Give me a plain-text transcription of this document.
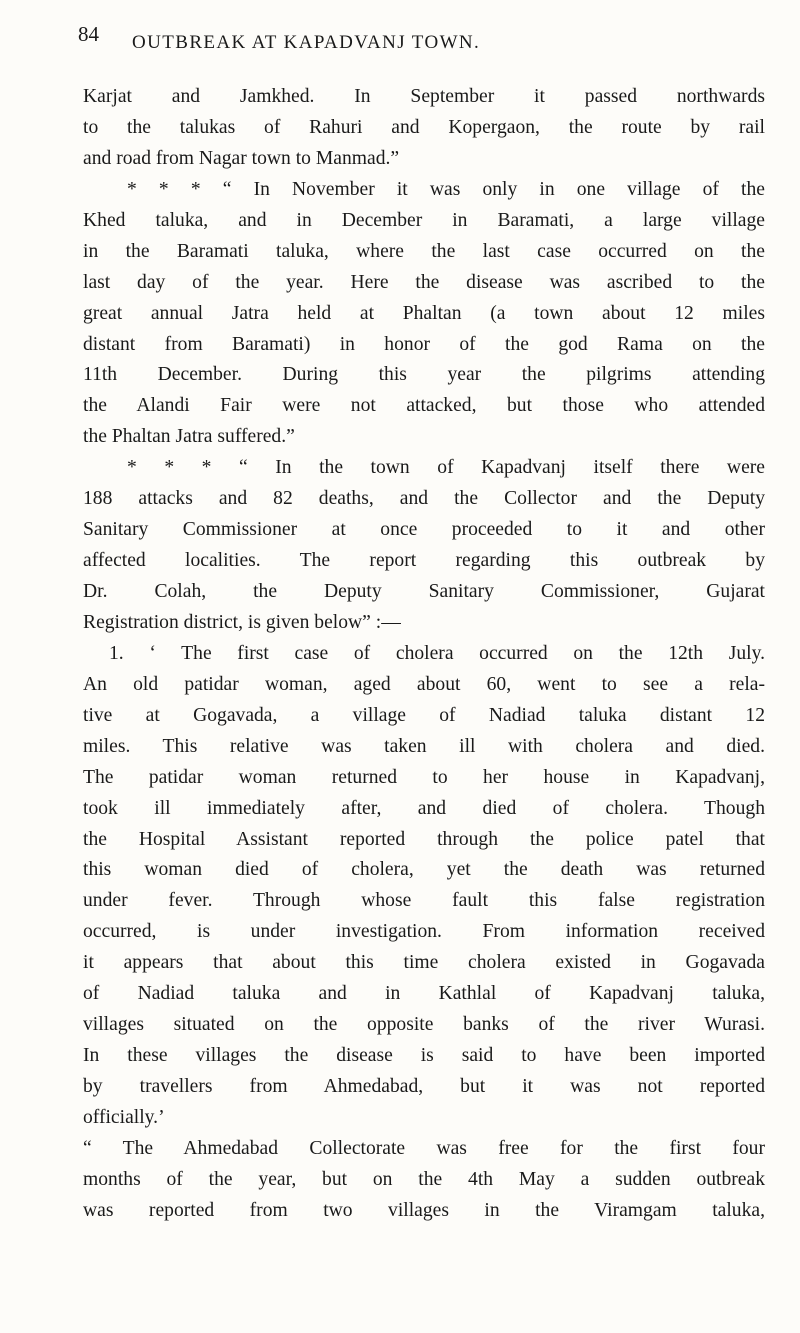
84 OUTBREAK AT KAPADVANJ TOWN.
Karjat and Jamkhed. In September it passed northwards
to the talukas of Rahuri and Kopergaon, the route by rail
and road from Nagar town to Manmad.”
* * * “ In November it was only in one village of the
Khed taluka, and in December in Baramati, a large village
in the Baramati taluka, where the last case occurred on the
last day of the year. Here the disease was ascribed to the
great annual Jatra held at Phaltan (a town about 12 miles
distant from Baramati) in honor of the god Rama on the
11th December. During this year the pilgrims attending
the Alandi Fair were not attacked, but those who attended
the Phaltan Jatra suffered.”
* * * “ In the town of Kapadvanj itself there were
188 attacks and 82 deaths, and the Collector and the Deputy
Sanitary Commissioner at once proceeded to it and other
affected localities. The report regarding this outbreak by
Dr. Colah, the Deputy Sanitary Commissioner, Gujarat
Registration district, is given below” :—
1. ‘ The first case of cholera occurred on the 12th July.
An old patidar woman, aged about 60, went to see a rela-
tive at Gogavada, a village of Nadiad taluka distant 12
miles. This relative was taken ill with cholera and died.
The patidar woman returned to her house in Kapadvanj,
took ill immediately after, and died of cholera. Though
the Hospital Assistant reported through the police patel that
this woman died of cholera, yet the death was returned
under fever. Through whose fault this false registration
occurred, is under investigation. From information received
it appears that about this time cholera existed in Gogavada
of Nadiad taluka and in Kathlal of Kapadvanj taluka,
villages situated on the opposite banks of the river Wurasi.
In these villages the disease is said to have been imported
by travellers from Ahmedabad, but it was not reported
officially.’
“ The Ahmedabad Collectorate was free for the first four
months of the year, but on the 4th May a sudden outbreak
was reported from two villages in the Viramgam taluka,
